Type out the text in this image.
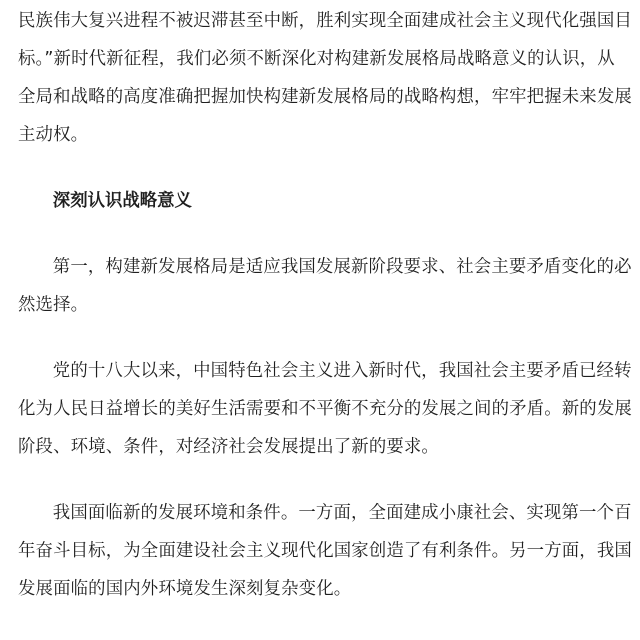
民族伟大复兴进程不被迟滞甚至中断，胜利实现全面建成社会主义现代化强国目
标。”新时代新征程，我们必须不断深化对构建新发展格局战略意义的认识，从
全局和战略的高度准确把握加快构建新发展格局的战略构想，牢牢把握未来发展
主动权。

深刻认识战略意义

第一，构建新发展格局是适应我国发展新阶段要求、社会主要矛盾变化的必
然选择。

党的十八大以来，中国特色社会主义进入新时代，我国社会主要矛盾已经转
化为人民日益增长的美好生活需要和不平衡不充分的发展之间的矛盾。新的发展
阶段、环境、条件，对经济社会发展提出了新的要求。

我国面临新的发展环境和条件。一方面，全面建成小康社会、实现第一个百
年奋斗目标，为全面建设社会主义现代化国家创造了有利条件。另一方面，我国
发展面临的国内外环境发生深刻复杂变化。
